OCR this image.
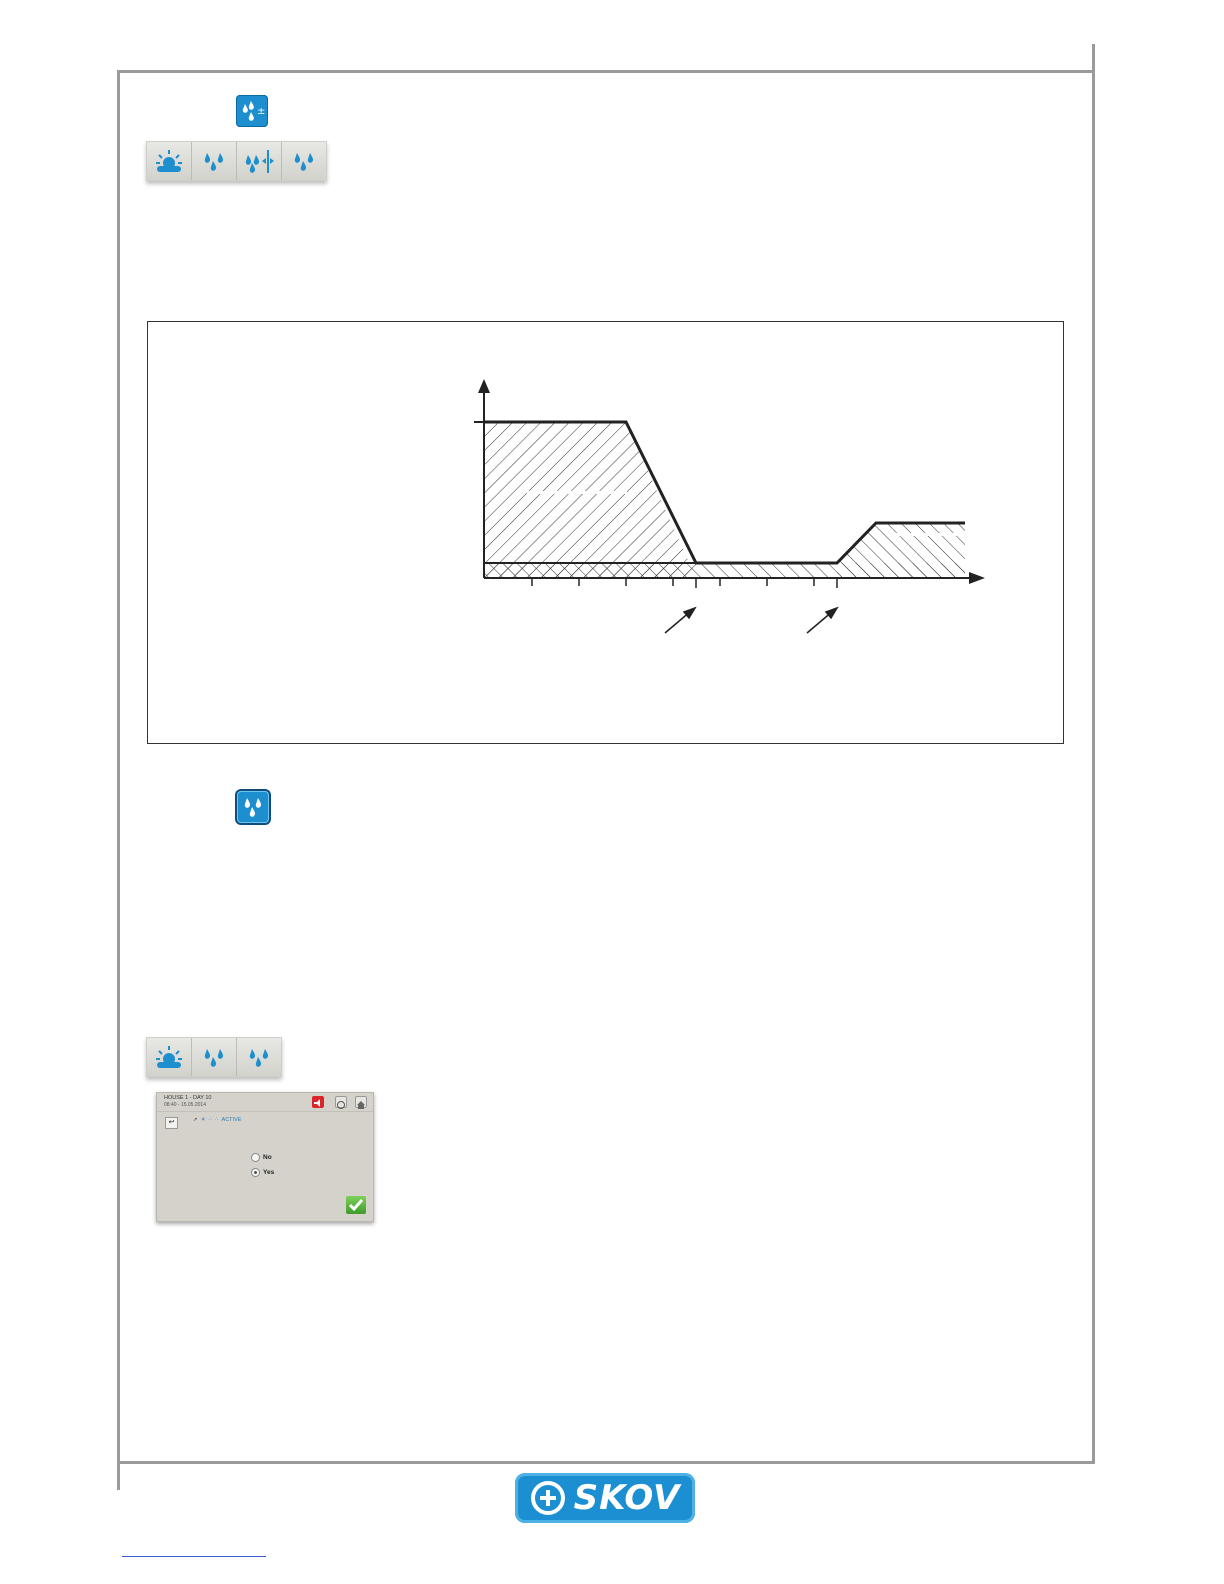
±
HOUSE 1 - DAY 10
08:40 - 15.05.2014
↩	➚ ☀ ∴ ∴ ACTIVE
No
Yes
SKOV
